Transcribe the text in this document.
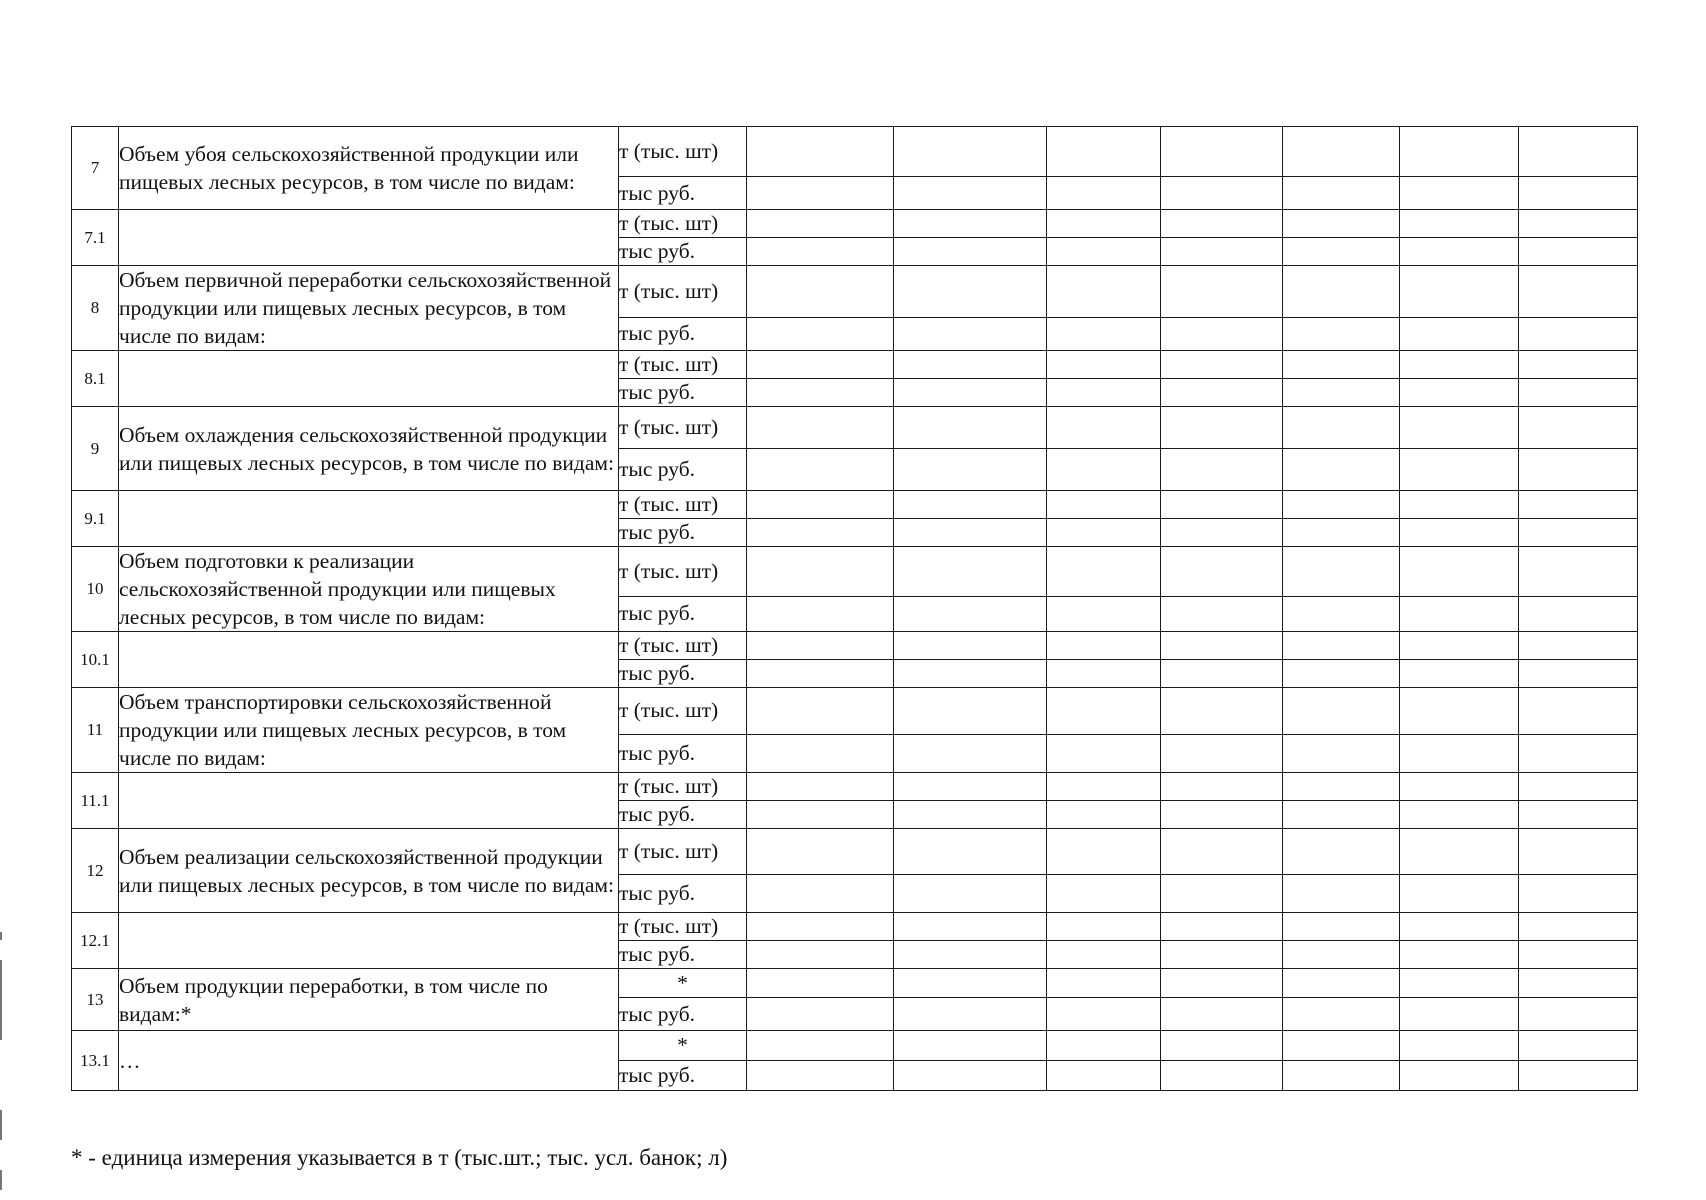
7	Объем убоя сельскохозяйственной продукции или пищевых лесных ресурсов, в том числе по видам:	т (тыс. шт)							
		тыс руб.							
7.1		т (тыс. шт)							
		тыс руб.							
8	Объем первичной переработки сельскохозяйственной продукции или пищевых лесных ресурсов, в том числе по видам:	т (тыс. шт)							
		тыс руб.							
8.1		т (тыс. шт)							
		тыс руб.							
9	Объем охлаждения сельскохозяйственной продукции или пищевых лесных ресурсов, в том числе по видам:	т (тыс. шт)							
		тыс руб.							
9.1		т (тыс. шт)							
		тыс руб.							
10	Объем подготовки к реализации сельскохозяйственной продукции или пищевых лесных ресурсов, в том числе по видам:	т (тыс. шт)							
		тыс руб.							
10.1		т (тыс. шт)							
		тыс руб.							
11	Объем транспортировки сельскохозяйственной продукции или пищевых лесных ресурсов, в том числе по видам:	т (тыс. шт)							
		тыс руб.							
11.1		т (тыс. шт)							
		тыс руб.							
12	Объем реализации сельскохозяйственной продукции или пищевых лесных ресурсов, в том числе по видам:	т (тыс. шт)							
		тыс руб.							
12.1		т (тыс. шт)							
		тыс руб.							
13	Объем продукции переработки, в том числе по видам:*	*							
		тыс руб.							
13.1	…	*							
		тыс руб.							
* - единица измерения указывается в т (тыс.шт.; тыс. усл. банок; л)
